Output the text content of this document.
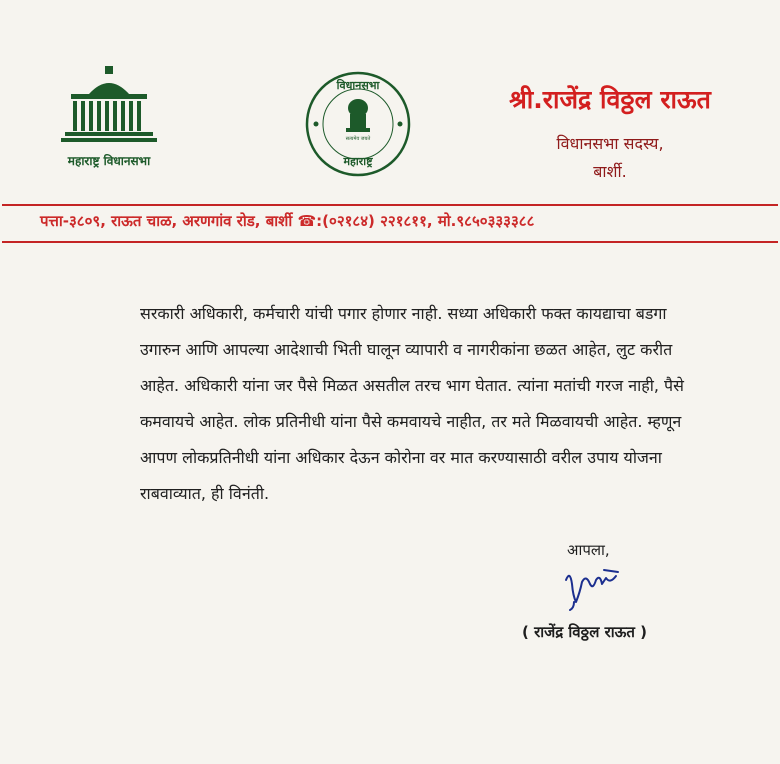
महाराष्ट्र विधानसभा
विधानसभा
सत्यमेव जयते
महाराष्ट्र
श्री.राजेंद्र विठ्ठल राऊत
विधानसभा सदस्य,
बार्शी.
पत्ता-३८०९, राऊत चाळ, अरणगांव रोड, बार्शी ☎:(०२१८४) २२१८११, मो.९८५०३३३३८८
सरकारी अधिकारी, कर्मचारी यांची पगार होणार नाही. सध्या अधिकारी फक्त कायद्याचा बडगा
उगारुन आणि आपल्या आदेशाची भिती घालून व्यापारी व नागरीकांना छळत आहेत, लुट करीत
आहेत. अधिकारी यांना जर पैसे मिळत असतील तरच भाग घेतात. त्यांना मतांची गरज नाही, पैसे
कमवायचे आहेत. लोक प्रतिनीधी यांना पैसे कमवायचे नाहीत, तर मते मिळवायची आहेत. म्हणून
आपण लोकप्रतिनीधी यांना अधिकार देऊन कोरोना वर मात करण्यासाठी वरील उपाय योजना
राबवाव्यात, ही विनंती.
आपला,
( राजेंद्र विठ्ठल राऊत )
